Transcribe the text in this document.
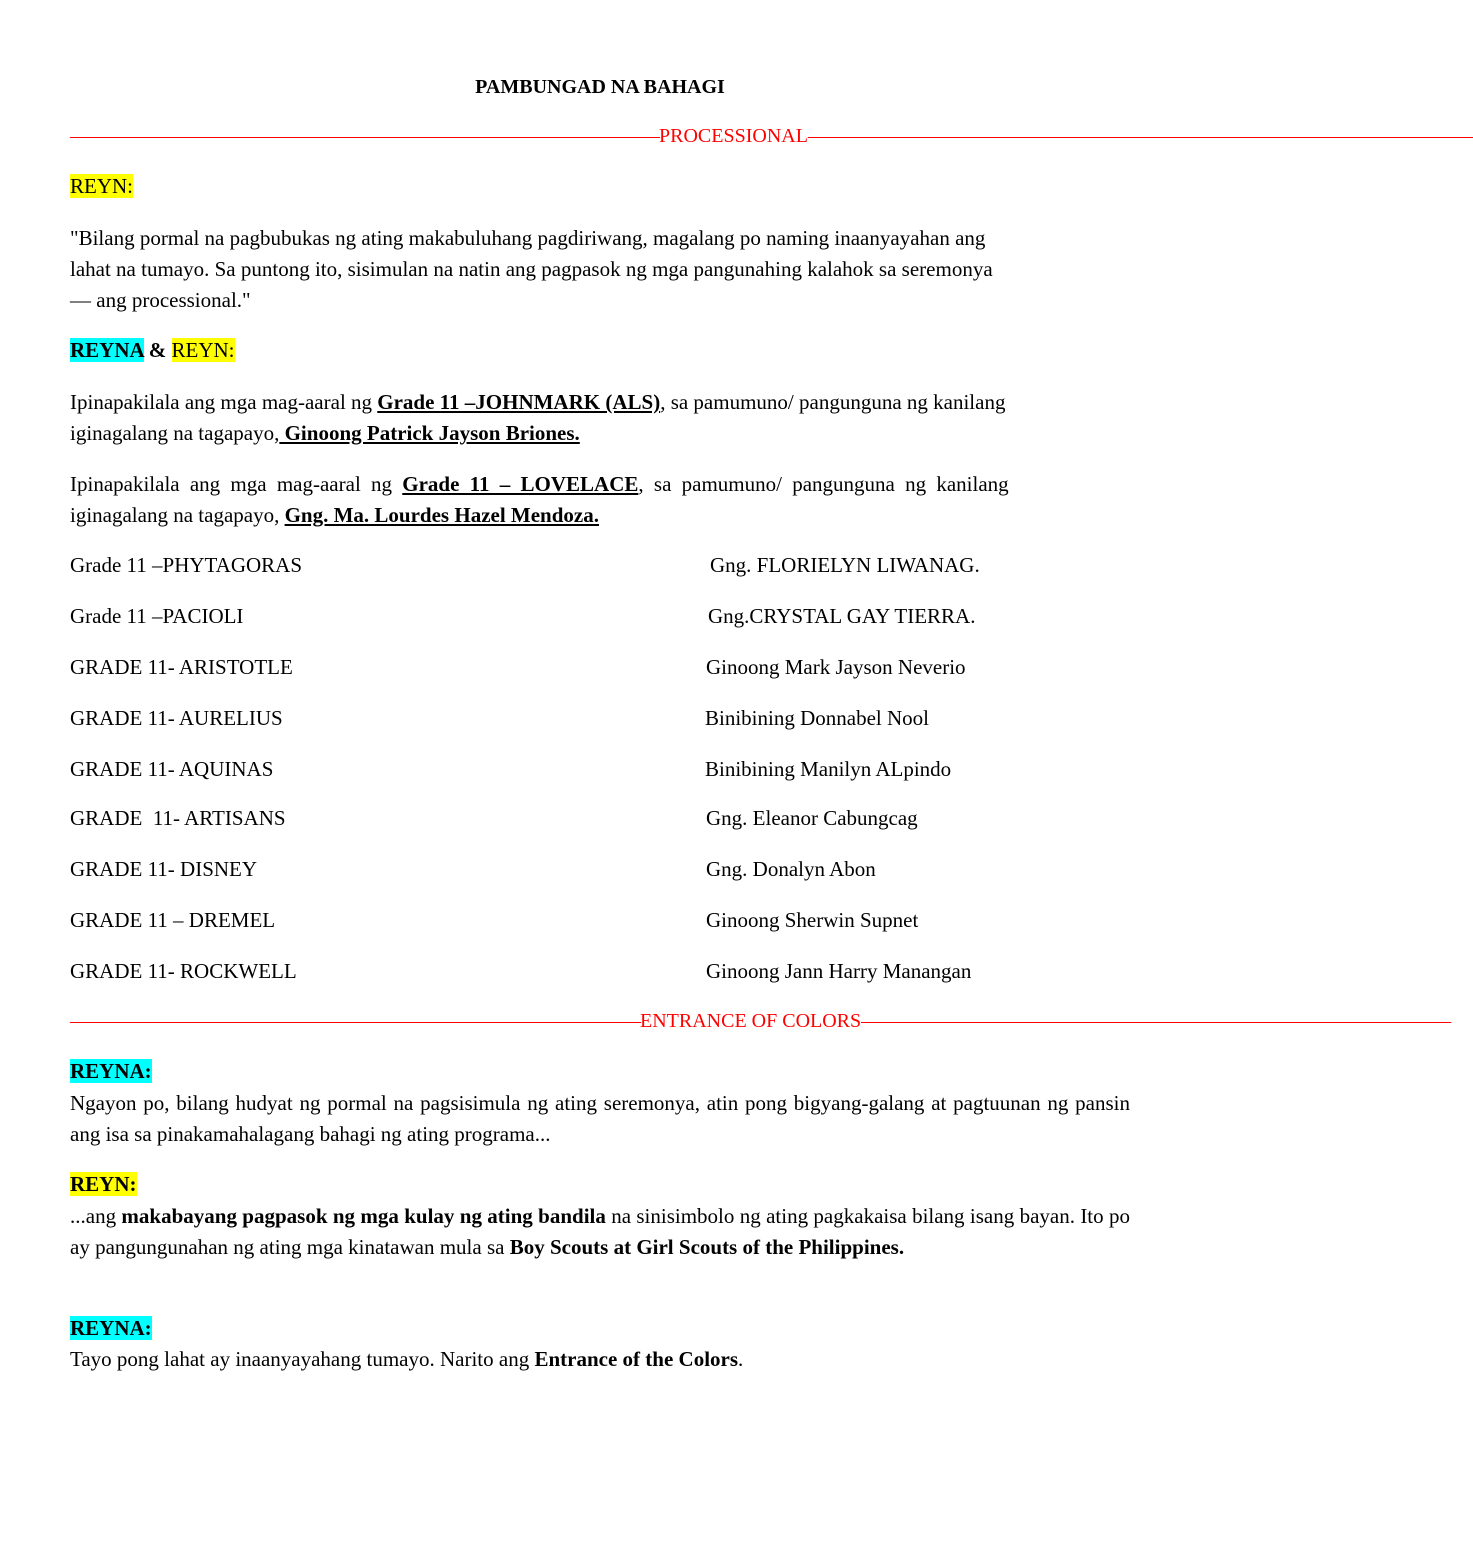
PAMBUNGAD NA BAHAGI
———————————————————————————————PROCESSIONAL———————————————————————————————————
REYN:
"Bilang pormal na pagbubukas ng ating makabuluhang pagdiriwang, magalang po naming inaanyayahan ang
lahat na tumayo. Sa puntong ito, sisimulan na natin ang pagpasok ng mga pangunahing kalahok sa seremonya
— ang processional."
REYNA & REYN:
Ipinapakilala ang mga mag-aaral ng Grade 11 –JOHNMARK (ALS), sa pamumuno/ pangunguna ng kanilang
iginagalang na tagapayo, Ginoong Patrick Jayson Briones.
Ipinapakilala ang mga mag-aaral ng Grade 11 – LOVELACE, sa pamumuno/ pangunguna ng kanilang
iginagalang na tagapayo, Gng. Ma. Lourdes Hazel Mendoza.
Grade 11 –PHYTAGORAS	Gng. FLORIELYN LIWANAG.
Grade 11 –PACIOLI	Gng.CRYSTAL GAY TIERRA.
GRADE 11- ARISTOTLE	Ginoong Mark Jayson Neverio
GRADE 11- AURELIUS	Binibining Donnabel Nool
GRADE 11- AQUINAS	Binibining Manilyn ALpindo
GRADE  11- ARTISANS	Gng. Eleanor Cabungcag
GRADE 11- DISNEY	Gng. Donalyn Abon
GRADE 11 – DREMEL	Ginoong Sherwin Supnet
GRADE 11- ROCKWELL	Ginoong Jann Harry Manangan
——————————————————————————————ENTRANCE OF COLORS———————————————————————————————
REYNA:
Ngayon po, bilang hudyat ng pormal na pagsisimula ng ating seremonya, atin pong bigyang-galang at pagtuunan ng pansin ang isa sa pinakamahalagang bahagi ng ating programa...
REYN:
...ang makabayang pagpasok ng mga kulay ng ating bandila na sinisimbolo ng ating pagkakaisa bilang isang bayan. Ito po ay pangungunahan ng ating mga kinatawan mula sa Boy Scouts at Girl Scouts of the Philippines.
REYNA:
Tayo pong lahat ay inaanyayahang tumayo. Narito ang Entrance of the Colors.
